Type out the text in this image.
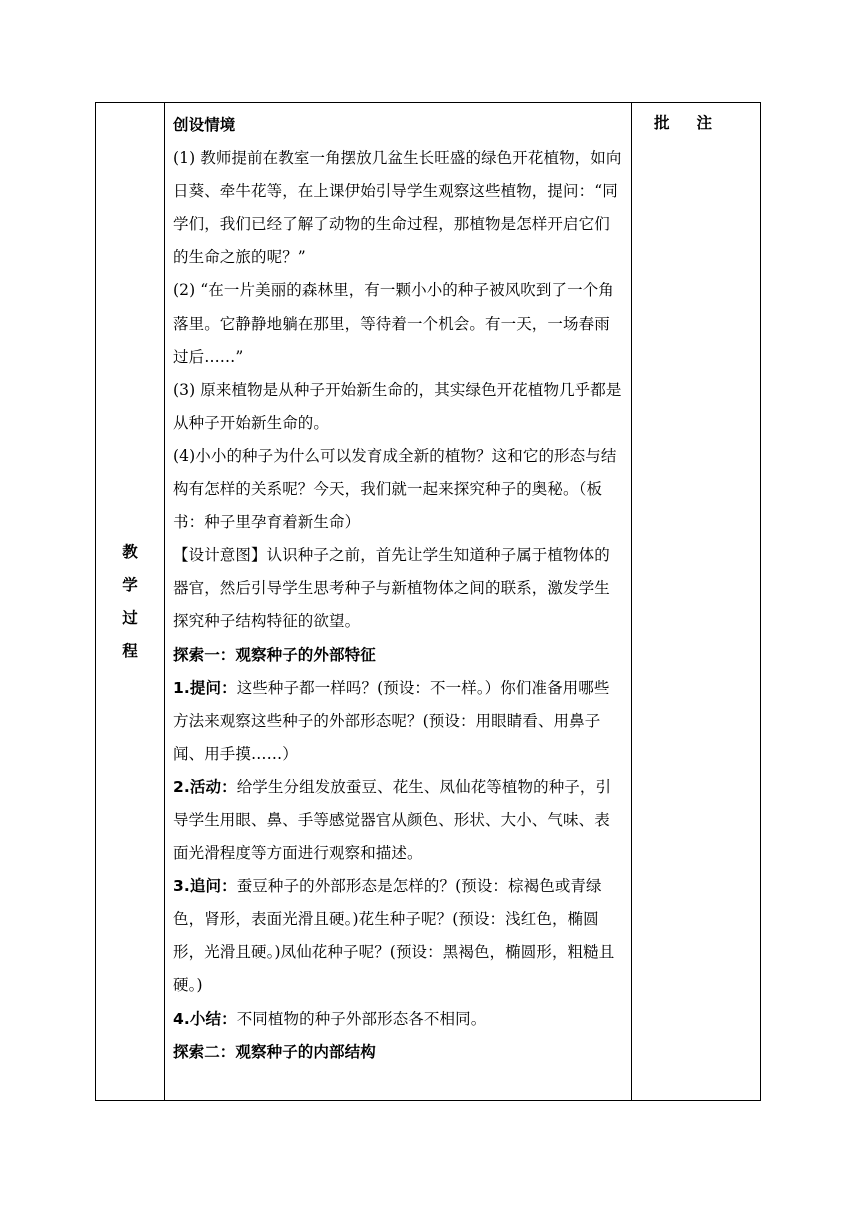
教
学
过
程

创设情境

(1) 教师提前在教室一角摆放几盆生长旺盛的绿色开花植物，如向日葵、牵牛花等，在上课伊始引导学生观察这些植物，提问：“同学们，我们已经了解了动物的生命过程，那植物是怎样开启它们的生命之旅的呢？”

(2) “在一片美丽的森林里，有一颗小小的种子被风吹到了一个角落里。它静静地躺在那里，等待着一个机会。有一天，一场春雨过后……”

(3) 原来植物是从种子开始新生命的，其实绿色开花植物几乎都是从种子开始新生命的。

(4)小小的种子为什么可以发育成全新的植物？这和它的形态与结构有怎样的关系呢？今天，我们就一起来探究种子的奥秘。（板书：种子里孕育着新生命）

【设计意图】认识种子之前，首先让学生知道种子属于植物体的器官，然后引导学生思考种子与新植物体之间的联系，激发学生探究种子结构特征的欲望。

探索一：观察种子的外部特征

1.提问：这些种子都一样吗？(预设：不一样。）你们准备用哪些方法来观察这些种子的外部形态呢？(预设：用眼睛看、用鼻子闻、用手摸……）

2.活动：给学生分组发放蚕豆、花生、凤仙花等植物的种子，引导学生用眼、鼻、手等感觉器官从颜色、形状、大小、气味、表面光滑程度等方面进行观察和描述。

3.追问：蚕豆种子的外部形态是怎样的？(预设：棕褐色或青绿色，肾形，表面光滑且硬。)花生种子呢？(预设：浅红色，椭圆形，光滑且硬。)凤仙花种子呢？(预设：黑褐色，椭圆形，粗糙且硬。)

4.小结：不同植物的种子外部形态各不相同。

探索二：观察种子的内部结构

批 注
